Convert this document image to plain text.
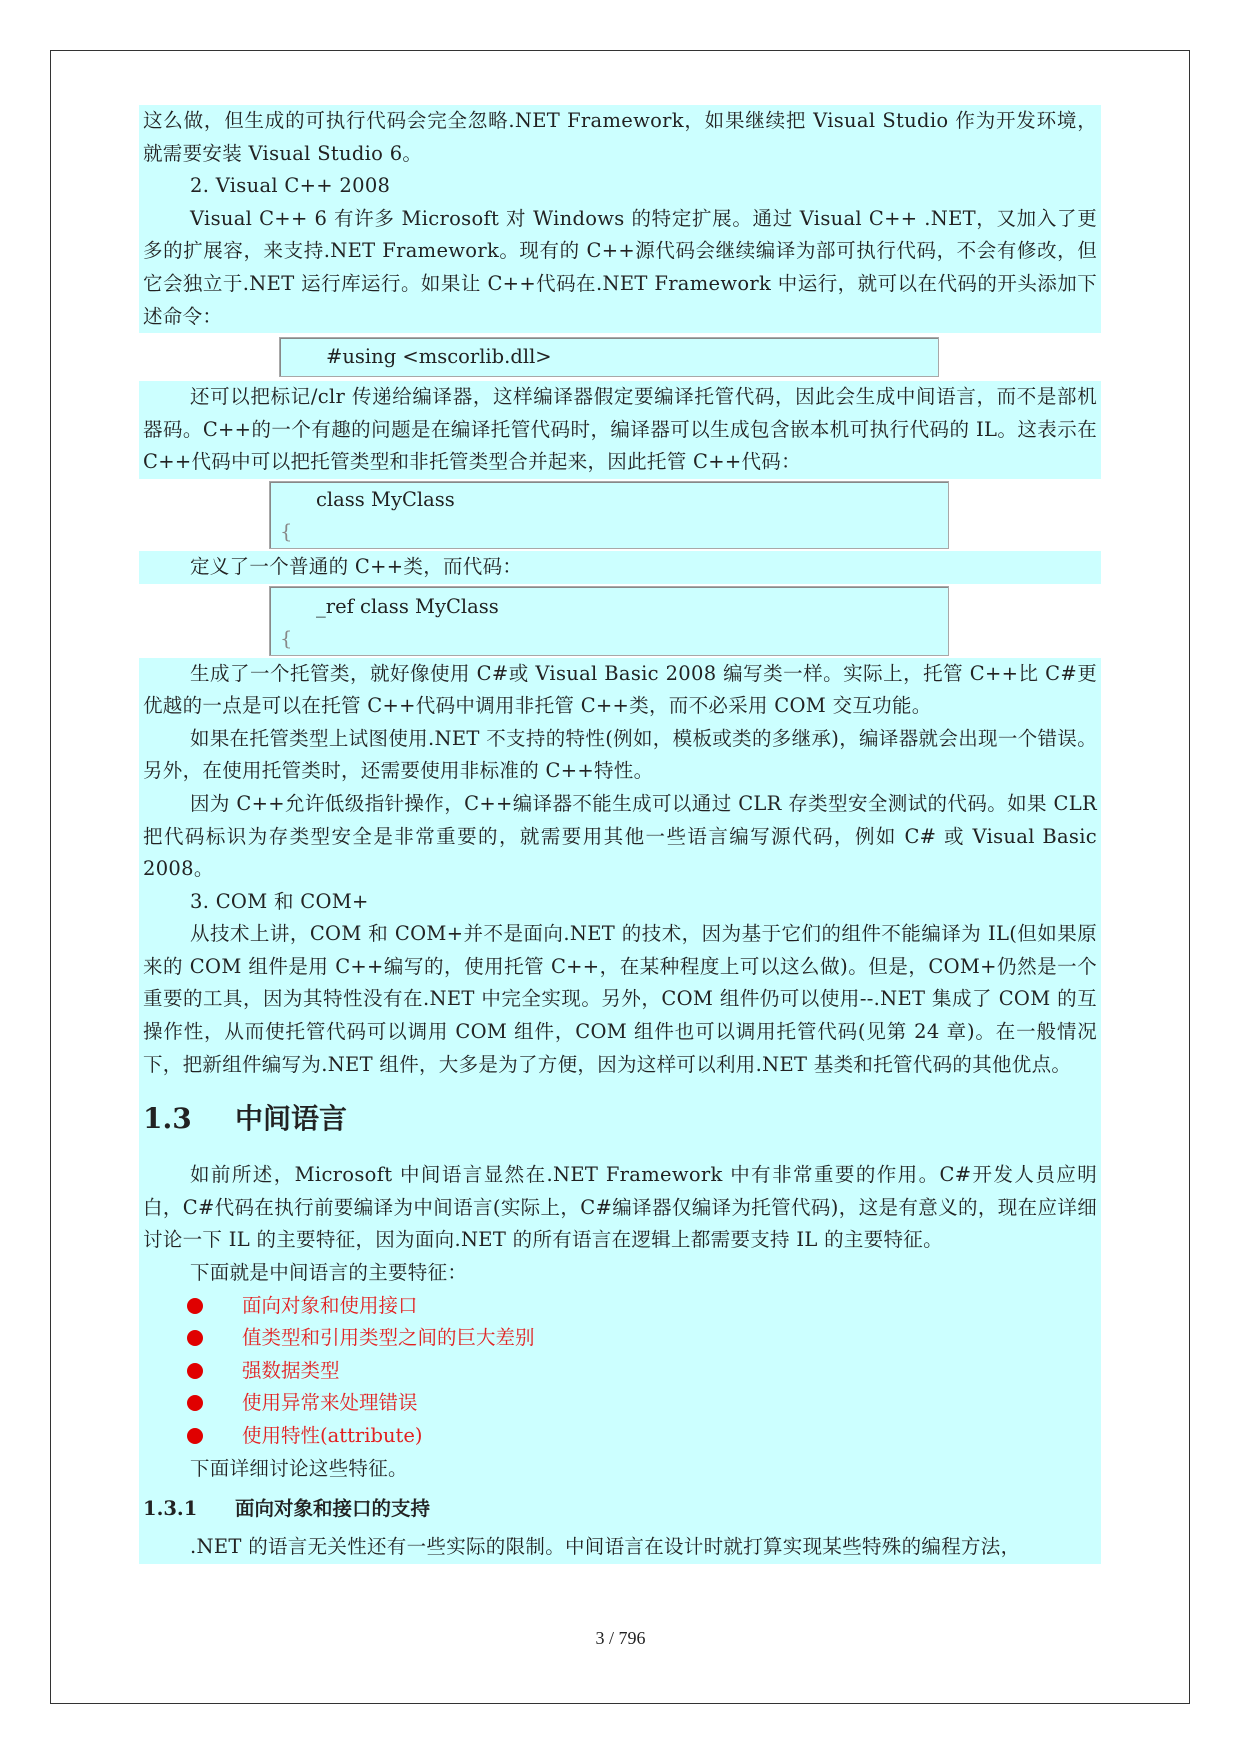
这么做，但生成的可执行代码会完全忽略.NET Framework，如果继续把 Visual Studio 作为开发环境，就需要安装 Visual Studio 6。
2. Visual C++ 2008
Visual C++ 6 有许多 Microsoft 对 Windows 的特定扩展。通过 Visual C++ .NET，又加入了更多的扩展容，来支持.NET Framework。现有的 C++源代码会继续编译为部可执行代码，不会有修改，但它会独立于.NET 运行库运行。如果让 C++代码在.NET Framework 中运行，就可以在代码的开头添加下述命令：
#using <mscorlib.dll>
还可以把标记/clr 传递给编译器，这样编译器假定要编译托管代码，因此会生成中间语言，而不是部机器码。C++的一个有趣的问题是在编译托管代码时，编译器可以生成包含嵌本机可执行代码的 IL。这表示在 C++代码中可以把托管类型和非托管类型合并起来，因此托管 C++代码：
class MyClass
{
定义了一个普通的 C++类，而代码：
_ref class MyClass
{
生成了一个托管类，就好像使用 C#或 Visual Basic 2008 编写类一样。实际上，托管 C++比 C#更优越的一点是可以在托管 C++代码中调用非托管 C++类，而不必采用 COM 交互功能。
如果在托管类型上试图使用.NET 不支持的特性(例如，模板或类的多继承)，编译器就会出现一个错误。另外，在使用托管类时，还需要使用非标准的 C++特性。
因为 C++允许低级指针操作，C++编译器不能生成可以通过 CLR 存类型安全测试的代码。如果 CLR 把代码标识为存类型安全是非常重要的，就需要用其他一些语言编写源代码，例如 C# 或 Visual Basic 2008。
3. COM 和 COM+
从技术上讲，COM 和 COM+并不是面向.NET 的技术，因为基于它们的组件不能编译为 IL(但如果原来的 COM 组件是用 C++编写的，使用托管 C++，在某种程度上可以这么做)。但是，COM+仍然是一个重要的工具，因为其特性没有在.NET 中完全实现。另外，COM 组件仍可以使用--.NET 集成了 COM 的互操作性，从而使托管代码可以调用 COM 组件，COM 组件也可以调用托管代码(见第 24 章)。在一般情况下，把新组件编写为.NET 组件，大多是为了方便，因为这样可以利用.NET 基类和托管代码的其他优点。
1.3 中间语言
如前所述，Microsoft 中间语言显然在.NET Framework 中有非常重要的作用。C#开发人员应明白，C#代码在执行前要编译为中间语言(实际上，C#编译器仅编译为托管代码)，这是有意义的，现在应详细讨论一下 IL 的主要特征，因为面向.NET 的所有语言在逻辑上都需要支持 IL 的主要特征。
下面就是中间语言的主要特征：
面向对象和使用接口
值类型和引用类型之间的巨大差别
强数据类型
使用异常来处理错误
使用特性(attribute)
下面详细讨论这些特征。
1.3.1 面向对象和接口的支持
.NET 的语言无关性还有一些实际的限制。中间语言在设计时就打算实现某些特殊的编程方法，
3 / 796
